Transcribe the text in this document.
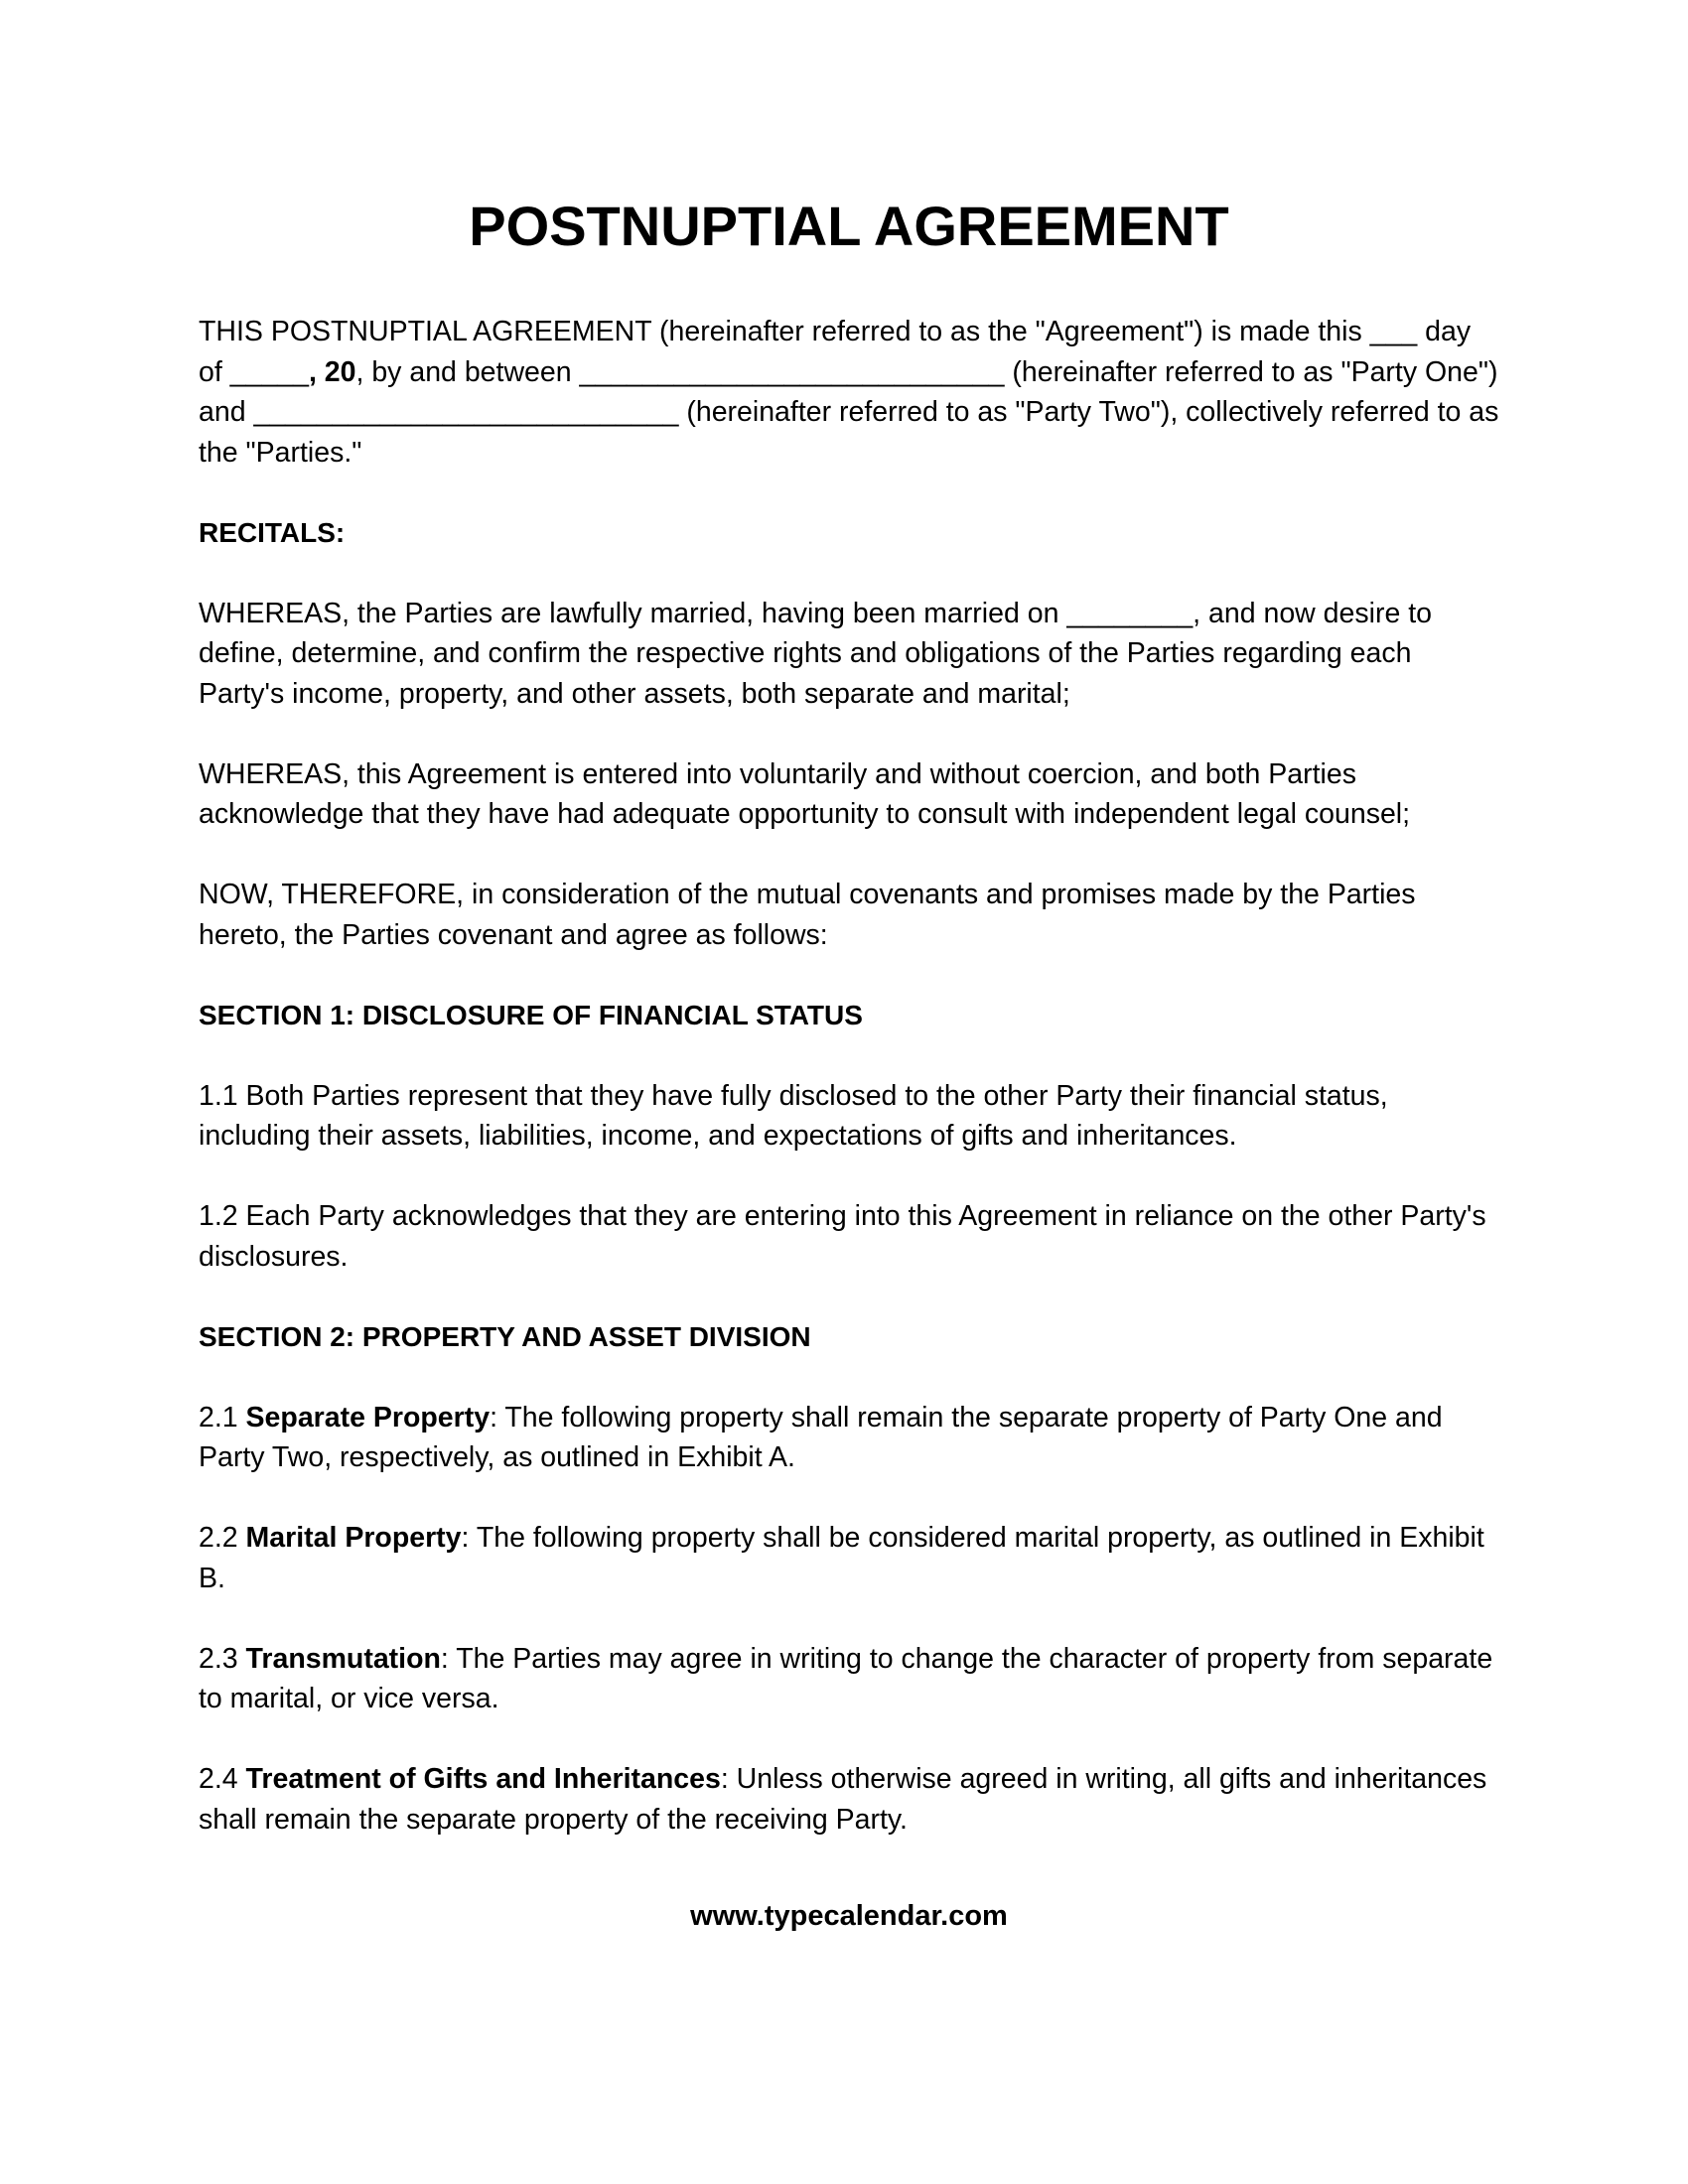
POSTNUPTIAL AGREEMENT

THIS POSTNUPTIAL AGREEMENT (hereinafter referred to as the "Agreement") is made this ___ day of _____, 20, by and between ___________________________ (hereinafter referred to as "Party One") and ___________________________ (hereinafter referred to as "Party Two"), collectively referred to as the "Parties."

RECITALS:

WHEREAS, the Parties are lawfully married, having been married on ________, and now desire to define, determine, and confirm the respective rights and obligations of the Parties regarding each Party's income, property, and other assets, both separate and marital;

WHEREAS, this Agreement is entered into voluntarily and without coercion, and both Parties acknowledge that they have had adequate opportunity to consult with independent legal counsel;

NOW, THEREFORE, in consideration of the mutual covenants and promises made by the Parties hereto, the Parties covenant and agree as follows:

SECTION 1: DISCLOSURE OF FINANCIAL STATUS

1.1 Both Parties represent that they have fully disclosed to the other Party their financial status, including their assets, liabilities, income, and expectations of gifts and inheritances.

1.2 Each Party acknowledges that they are entering into this Agreement in reliance on the other Party's disclosures.

SECTION 2: PROPERTY AND ASSET DIVISION

2.1 Separate Property: The following property shall remain the separate property of Party One and Party Two, respectively, as outlined in Exhibit A.

2.2 Marital Property: The following property shall be considered marital property, as outlined in Exhibit B.

2.3 Transmutation: The Parties may agree in writing to change the character of property from separate to marital, or vice versa.

2.4 Treatment of Gifts and Inheritances: Unless otherwise agreed in writing, all gifts and inheritances shall remain the separate property of the receiving Party.

www.typecalendar.com
